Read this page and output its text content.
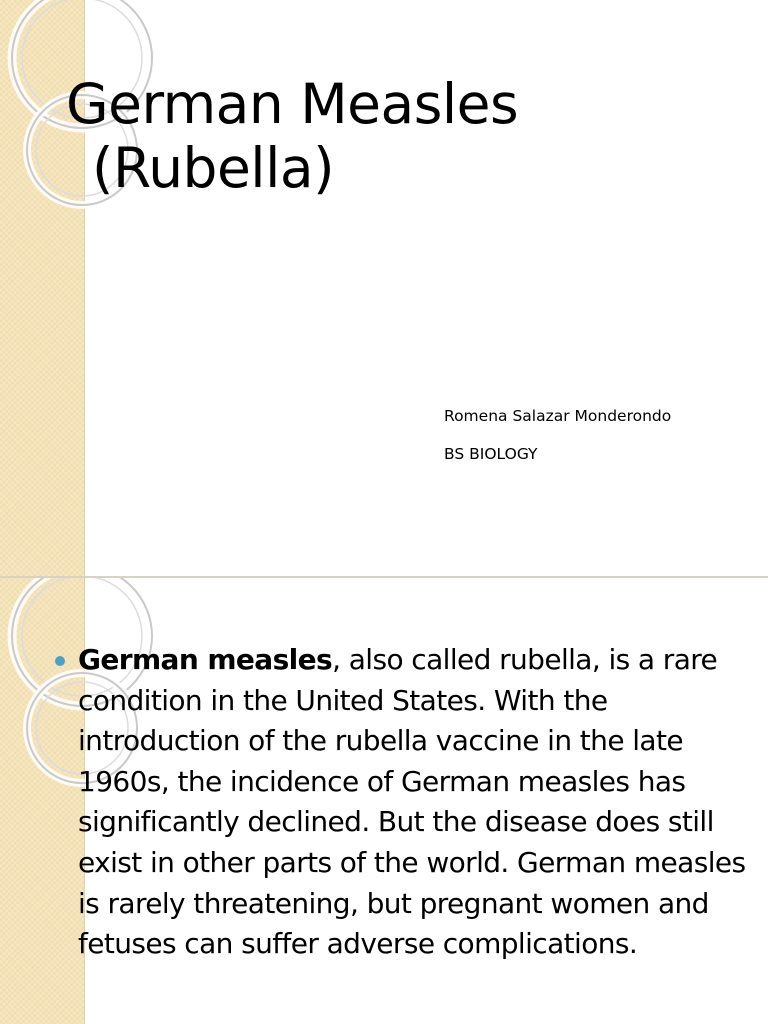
German Measles
(Rubella)
Romena Salazar Monderondo
BS BIOLOGY
German measles, also called rubella, is a rare condition in the United States. With the introduction of the rubella vaccine in the late 1960s, the incidence of German measles has significantly declined. But the disease does still exist in other parts of the world. German measles is rarely threatening, but pregnant women and fetuses can suffer adverse complications.
